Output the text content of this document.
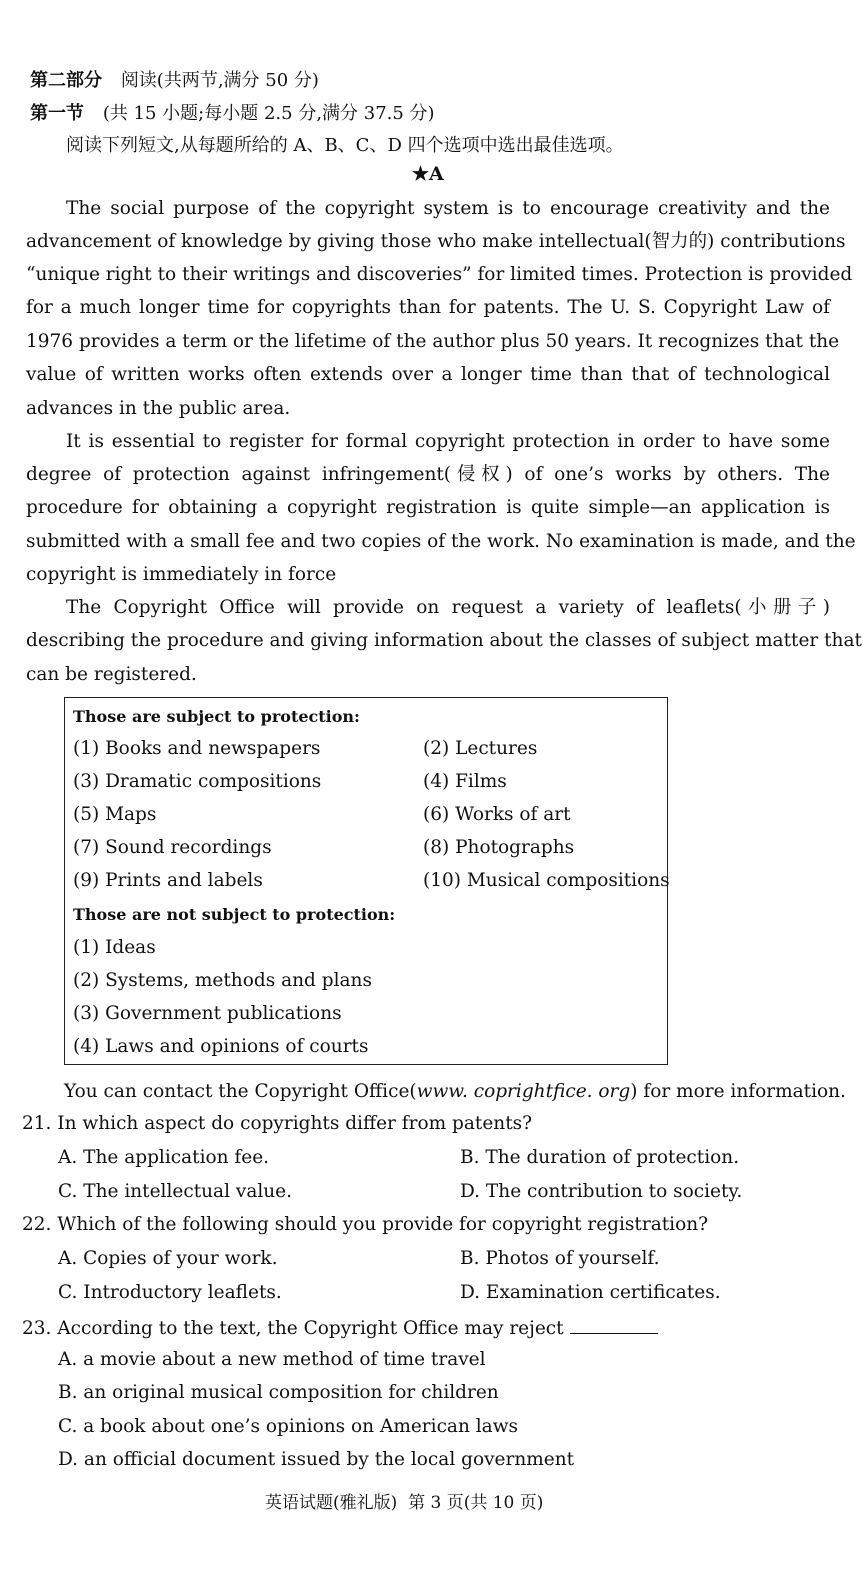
第二部分 阅读(共两节,满分 50 分)
第一节 (共 15 小题;每小题 2.5 分,满分 37.5 分)
阅读下列短文,从每题所给的 A、B、C、D 四个选项中选出最佳选项。
★A
The social purpose of the copyright system is to encourage creativity and the
advancement of knowledge by giving those who make intellectual(智力的) contributions
“unique right to their writings and discoveries” for limited times. Protection is provided
for a much longer time for copyrights than for patents. The U. S. Copyright Law of
1976 provides a term or the lifetime of the author plus 50 years. It recognizes that the
value of written works often extends over a longer time than that of technological
advances in the public area.
It is essential to register for formal copyright protection in order to have some
degree of protection against infringement(侵权) of one’s works by others. The
procedure for obtaining a copyright registration is quite simple—an application is
submitted with a small fee and two copies of the work. No examination is made, and the
copyright is immediately in force
The Copyright Office will provide on request a variety of leaflets(小册子)
describing the procedure and giving information about the classes of subject matter that
can be registered.
Those are subject to protection:
(1) Books and newspapers	(2) Lectures
(3) Dramatic compositions	(4) Films
(5) Maps	(6) Works of art
(7) Sound recordings	(8) Photographs
(9) Prints and labels	(10) Musical compositions
Those are not subject to protection:
(1) Ideas
(2) Systems, methods and plans
(3) Government publications
(4) Laws and opinions of courts
You can contact the Copyright Office(www. coprightfice. org) for more information.
21. In which aspect do copyrights differ from patents?
A. The application fee.	B. The duration of protection.
C. The intellectual value.	D. The contribution to society.
22. Which of the following should you provide for copyright registration?
A. Copies of your work.	B. Photos of yourself.
C. Introductory leaflets.	D. Examination certificates.
23. According to the text, the Copyright Office may reject
A. a movie about a new method of time travel
B. an original musical composition for children
C. a book about one’s opinions on American laws
D. an official document issued by the local government
英语试题(雅礼版)  第 3 页(共 10 页)
